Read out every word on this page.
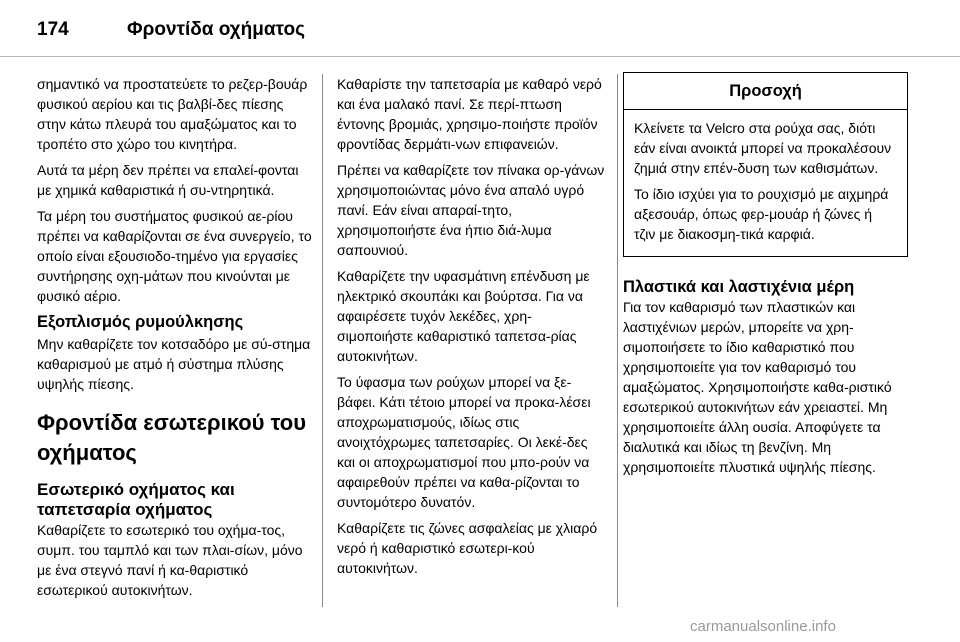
174	Φροντίδα οχήματος

σημαντικό να προστατεύετε το ρεζερ-βουάρ φυσικού αερίου και τις βαλβί-δες πίεσης στην κάτω πλευρά του αμαξώματος και το τροπέτο στο χώρο του κινητήρα.

Αυτά τα μέρη δεν πρέπει να επαλεί-φονται με χημικά καθαριστικά ή συ-ντηρητικά.

Τα μέρη του συστήματος φυσικού αε-ρίου πρέπει να καθαρίζονται σε ένα συνεργείο, το οποίο είναι εξουσιοδο-τημένο για εργασίες συντήρησης οχη-μάτων που κινούνται με φυσικό αέριο.

Εξοπλισμός ρυμούλκησης

Μην καθαρίζετε τον κοτσαδόρο με σύ-στημα καθαρισμού με ατμό ή σύστημα πλύσης υψηλής πίεσης.

Φροντίδα εσωτερικού του οχήματος
Εσωτερικό οχήματος και ταπετσαρία οχήματος

Καθαρίζετε το εσωτερικό του οχήμα-τος, συμπ. του ταμπλό και των πλαι-σίων, μόνο με ένα στεγνό πανί ή κα-θαριστικό εσωτερικού αυτοκινήτων.

Καθαρίστε την ταπετσαρία με καθαρό νερό και ένα μαλακό πανί. Σε περί-πτωση έντονης βρομιάς, χρησιμο-ποιήστε προϊόν φροντίδας δερμάτι-νων επιφανειών.

Πρέπει να καθαρίζετε τον πίνακα ορ-γάνων χρησιμοποιώντας μόνο ένα απαλό υγρό πανί. Εάν είναι απαραί-τητο, χρησιμοποιήστε ένα ήπιο διά-λυμα σαπουνιού.

Καθαρίζετε την υφασμάτινη επένδυση με ηλεκτρικό σκουπάκι και βούρτσα. Για να αφαιρέσετε τυχόν λεκέδες, χρη-σιμοποιήστε καθαριστικό ταπετσα-ρίας αυτοκινήτων.

Το ύφασμα των ρούχων μπορεί να ξε-βάφει. Κάτι τέτοιο μπορεί να προκα-λέσει αποχρωματισμούς, ιδίως στις ανοιχτόχρωμες ταπετσαρίες. Οι λεκέ-δες και οι αποχρωματισμοί που μπο-ρούν να αφαιρεθούν πρέπει να καθα-ρίζονται το συντομότερο δυνατόν.

Καθαρίζετε τις ζώνες ασφαλείας με χλιαρό νερό ή καθαριστικό εσωτερι-κού αυτοκινήτων.

Προσοχή

Κλείνετε τα Velcro στα ρούχα σας, διότι εάν είναι ανοικτά μπορεί να προκαλέσουν ζημιά στην επέν-δυση των καθισμάτων.

Το ίδιο ισχύει για το ρουχισμό με αιχμηρά αξεσουάρ, όπως φερ-μουάρ ή ζώνες ή τζιν με διακοσμη-τικά καρφιά.

Πλαστικά και λαστιχένια μέρη

Για τον καθαρισμό των πλαστικών και λαστιχένιων μερών, μπορείτε να χρη-σιμοποιήσετε το ίδιο καθαριστικό που χρησιμοποιείτε για τον καθαρισμό του αμαξώματος. Χρησιμοποιήστε καθα-ριστικό εσωτερικού αυτοκινήτων εάν χρειαστεί. Μη χρησιμοποιείτε άλλη ουσία. Αποφύγετε τα διαλυτικά και ιδίως τη βενζίνη. Μη χρησιμοποιείτε πλυστικά υψηλής πίεσης.

carmanualsonline.info
